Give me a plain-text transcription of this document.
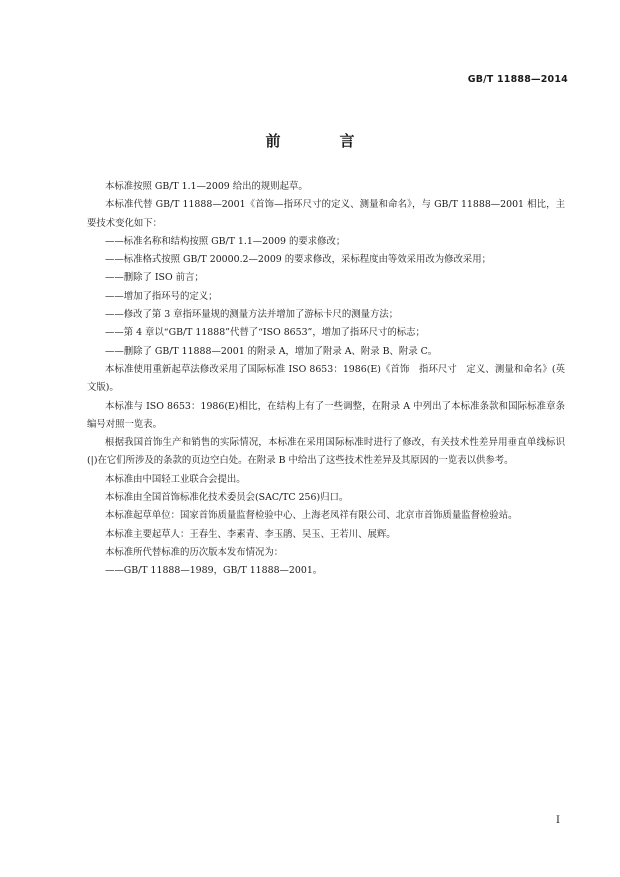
GB/T 11888—2014
前　言

本标准按照 GB/T 1.1—2009 给出的规则起草。

本标准代替 GB/T 11888—2001《首饰—指环尺寸的定义、测量和命名》，与 GB/T 11888—2001 相比，主要技术变化如下：

——标准名称和结构按照 GB/T 1.1—2009 的要求修改；

——标准格式按照 GB/T 20000.2—2009 的要求修改，采标程度由等效采用改为修改采用；

——删除了 ISO 前言；

——增加了指环号的定义；

——修改了第 3 章指环量规的测量方法并增加了游标卡尺的测量方法；

——第 4 章以“GB/T 11888”代替了“ISO 8653”，增加了指环尺寸的标志；

——删除了 GB/T 11888—2001 的附录 A，增加了附录 A、附录 B、附录 C。

本标准使用重新起草法修改采用了国际标准 ISO 8653：1986(E)《首饰　指环尺寸　定义、测量和命名》(英文版)。

本标准与 ISO 8653：1986(E)相比，在结构上有了一些调整，在附录 A 中列出了本标准条款和国际标准章条编号对照一览表。

根据我国首饰生产和销售的实际情况，本标准在采用国际标准时进行了修改，有关技术性差异用垂直单线标识(|)在它们所涉及的条款的页边空白处。在附录 B 中给出了这些技术性差异及其原因的一览表以供参考。

本标准由中国轻工业联合会提出。

本标准由全国首饰标准化技术委员会(SAC/TC 256)归口。

本标准起草单位：国家首饰质量监督检验中心、上海老凤祥有限公司、北京市首饰质量监督检验站。

本标准主要起草人：王春生、李素青、李玉鹃、吴玉、王若川、展辉。

本标准所代替标准的历次版本发布情况为：

——GB/T 11888—1989，GB/T 11888—2001。

I
